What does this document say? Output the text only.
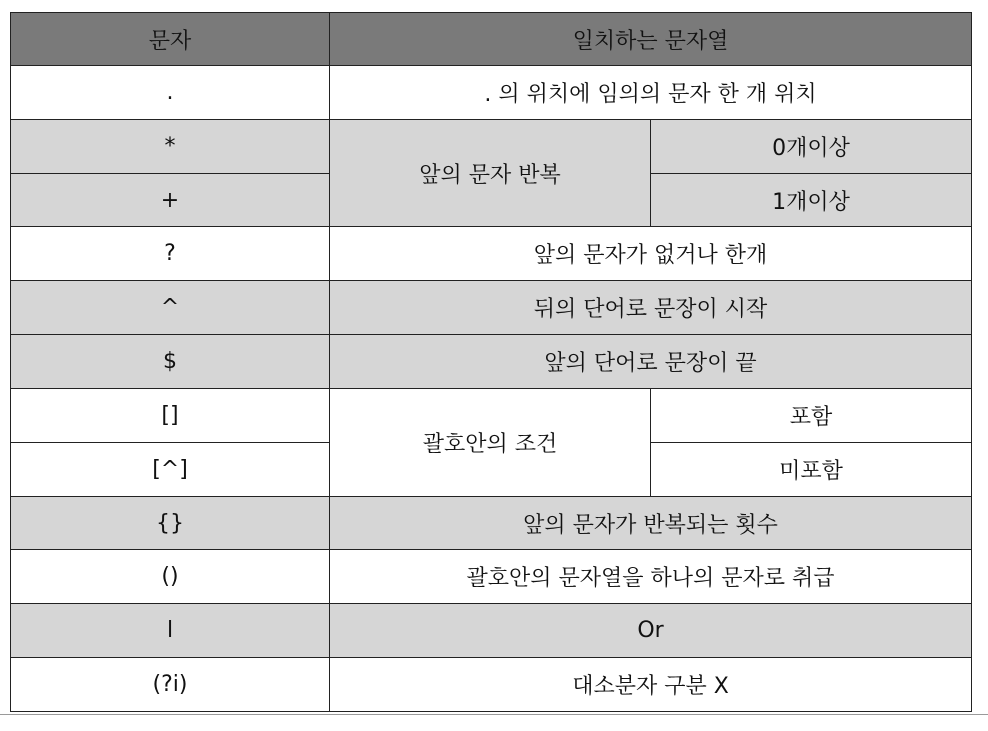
문자	일치하는 문자열	
.	. 의 위치에 임의의 문자 한 개 위치	
*	앞의 문자 반복	0개이상
+		1개이상
?	앞의 문자가 없거나 한개	
^	뒤의 단어로 문장이 시작	
$	앞의 단어로 문장이 끝	
[]	괄호안의 조건	포함
[^]		미포함
{}	앞의 문자가 반복되는 횟수	
()	괄호안의 문자열을 하나의 문자로 취급	
l	Or	
(?i)	대소분자 구분 X	
